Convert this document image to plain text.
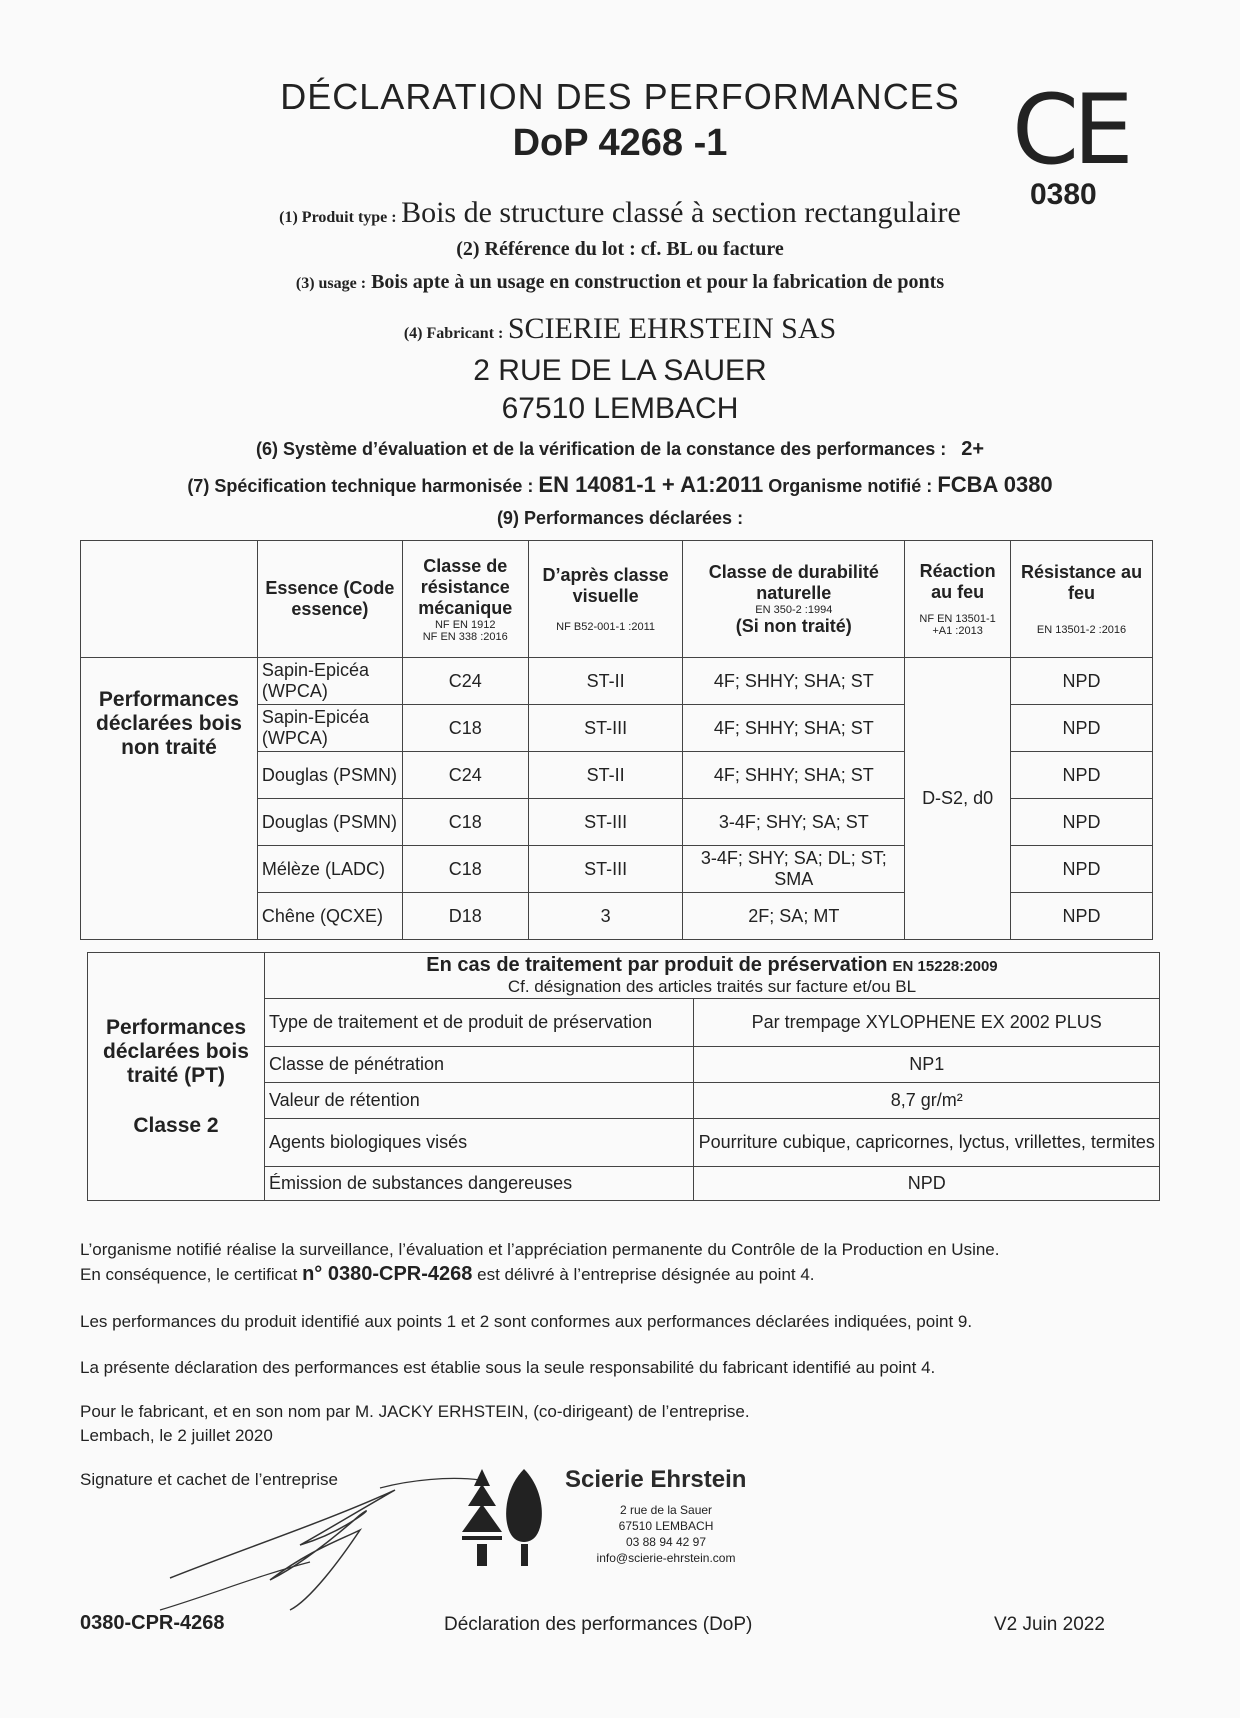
DÉCLARATION DES PERFORMANCES
DoP 4268 -1	CE
0380
(1) Produit type : Bois de structure classé à section rectangulaire
(2) Référence du lot : cf. BL ou facture
(3) usage : Bois apte à un usage en construction et pour la fabrication de ponts
(4) Fabricant : SCIERIE EHRSTEIN SAS
2 RUE DE LA SAUER
67510 LEMBACH
(6) Système d’évaluation et de la vérification de la constance des performances : 2+
(7) Spécification technique harmonisée : EN 14081-1 + A1:2011 Organisme notifié : FCBA 0380
(9) Performances déclarées :
	Essence (Code essence)	Classe de résistance mécanique
NF EN 1912
NF EN 338 :2016	D’après classe visuelle
NF B52-001-1 :2011	Classe de durabilité naturelle
EN 350-2 :1994
(Si non traité)	Réaction au feu
NF EN 13501-1 +A1 :2013	Résistance au feu
EN 13501-2 :2016

Performances déclarées bois non traité	Sapin-Epicéa (WPCA)	C24	ST-II	4F; SHHY; SHA; ST	D-S2, d0	NPD
	Sapin-Epicéa (WPCA)	C18	ST-III	4F; SHHY; SHA; ST		NPD
	Douglas (PSMN)	C24	ST-II	4F; SHHY; SHA; ST		NPD
	Douglas (PSMN)	C18	ST-III	3-4F; SHY; SA; ST		NPD
	Mélèze (LADC)	C18	ST-III	3-4F; SHY; SA; DL; ST; SMA		NPD
	Chêne (QCXE)	D18	3	2F; SA; MT		NPD
Performances déclarées bois traité (PT)
Classe 2	En cas de traitement par produit de préservation EN 15228:2009
Cf. désignation des articles traités sur facture et/ou BL	

	Type de traitement et de produit de préservation	Par trempage XYLOPHENE EX 2002 PLUS
	Classe de pénétration	NP1
	Valeur de rétention	8,7 gr/m²
	Agents biologiques visés	Pourriture cubique, capricornes, lyctus, vrillettes, termites
	Émission de substances dangereuses	NPD
L’organisme notifié réalise la surveillance, l’évaluation et l’appréciation permanente du Contrôle de la Production en Usine.
En conséquence, le certificat n° 0380-CPR-4268 est délivré à l’entreprise désignée au point 4.
Les performances du produit identifié aux points 1 et 2 sont conformes aux performances déclarées indiquées, point 9.
La présente déclaration des performances est établie sous la seule responsabilité du fabricant identifié au point 4.
Pour le fabricant, et en son nom par M. JACKY ERHSTEIN, (co-dirigeant) de l’entreprise.
Lembach, le 2 juillet 2020
Signature et cachet de l’entreprise	Scierie Ehrstein
2 rue de la Sauer
67510 LEMBACH
03 88 94 42 97
info@scierie-ehrstein.com
0380-CPR-4268	Déclaration des performances (DoP)	V2 Juin 2022
